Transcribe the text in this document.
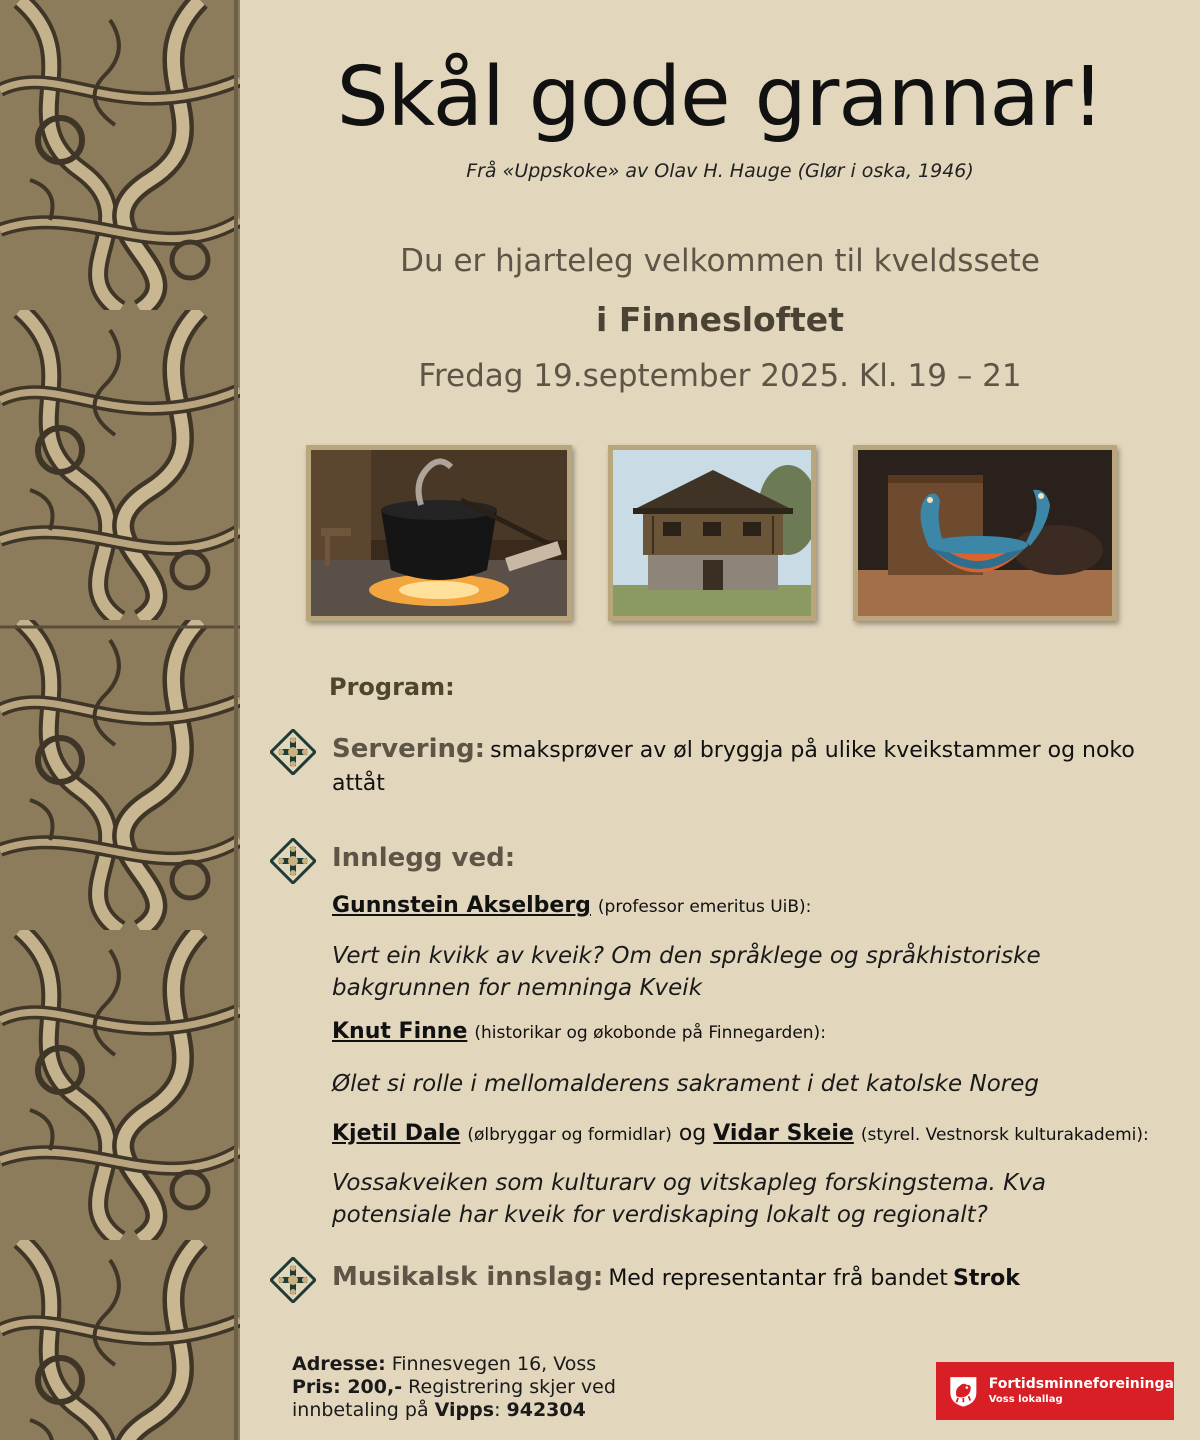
Skål gode grannar!
Frå «Uppskoke» av Olav H. Hauge (Glør i oska, 1946)
Du er hjarteleg velkommen til kveldssete
i Finnesloftet
Fredag 19.september 2025. Kl. 19 – 21
Program:
Servering: smaksprøver av øl bryggja på ulike kveikstammer og noko attåt
Innlegg ved:
Gunnstein Akselberg (professor emeritus UiB):
Vert ein kvikk av kveik? Om den språklege og språkhistoriske bakgrunnen for nemninga Kveik
Knut Finne (historikar og økobonde på Finnegarden):
Ølet si rolle i mellomalderens sakrament i det katolske Noreg
Kjetil Dale (ølbryggar og formidlar) og Vidar Skeie (styrel. Vestnorsk kulturakademi):
Vossakveiken som kulturarv og vitskapleg forskingstema. Kva potensiale har kveik for verdiskaping lokalt og regionalt?
Musikalsk innslag: Med representantar frå bandet Strok
Adresse: Finnesvegen 16, Voss
Pris: 200,- Registrering skjer ved innbetaling på Vipps: 942304
Fortidsminneforeininga
Voss lokallag
